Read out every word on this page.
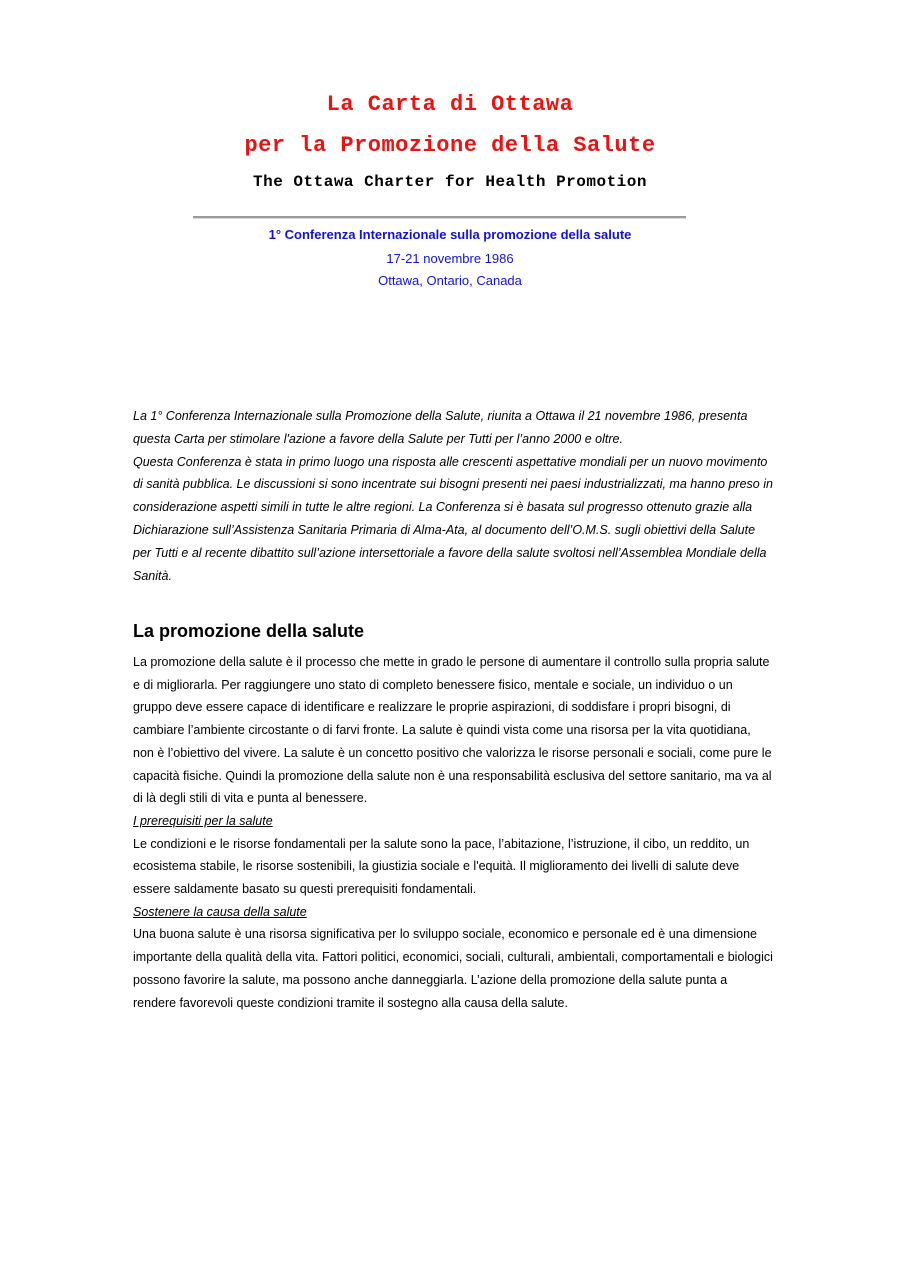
La Carta di Ottawa
per la Promozione della Salute
The Ottawa Charter for Health Promotion
1° Conferenza Internazionale sulla promozione della salute
17-21 novembre 1986
Ottawa, Ontario, Canada

La 1° Conferenza Internazionale sulla Promozione della Salute, riunita a Ottawa il 21 novembre 1986, presenta questa Carta per stimolare l'azione a favore della Salute per Tutti per l’anno 2000 e oltre.

Questa Conferenza è stata in primo luogo una risposta alle crescenti aspettative mondiali per un nuovo movimento di sanità pubblica. Le discussioni si sono incentrate sui bisogni presenti nei paesi industrializzati, ma hanno preso in considerazione aspetti simili in tutte le altre regioni. La Conferenza si è basata sul progresso ottenuto grazie alla Dichiarazione sull’Assistenza Sanitaria Primaria di Alma-Ata, al documento dell’O.M.S. sugli obiettivi della Salute per Tutti e al recente dibattito sull’azione intersettoriale a favore della salute svoltosi nell’Assemblea Mondiale della Sanità.

La promozione della salute

La promozione della salute è il processo che mette in grado le persone di aumentare il controllo sulla propria salute e di migliorarla. Per raggiungere uno stato di completo benessere fisico, mentale e sociale, un individuo o un gruppo deve essere capace di identificare e realizzare le proprie aspirazioni, di soddisfare i propri bisogni, di cambiare l’ambiente circostante o di farvi fronte. La salute è quindi vista come una risorsa per la vita quotidiana, non è l’obiettivo del vivere. La salute è un concetto positivo che valorizza le risorse personali e sociali, come pure le capacità fisiche. Quindi la promozione della salute non è una responsabilità esclusiva del settore sanitario, ma va al di là degli stili di vita e punta al benessere.

I prerequisiti per la salute

Le condizioni e le risorse fondamentali per la salute sono la pace, l’abitazione, l’istruzione, il cibo, un reddito, un ecosistema stabile, le risorse sostenibili, la giustizia sociale e l'equità. Il miglioramento dei livelli di salute deve essere saldamente basato su questi prerequisiti fondamentali.

Sostenere la causa della salute

Una buona salute è una risorsa significativa per lo sviluppo sociale, economico e personale ed è una dimensione importante della qualità della vita. Fattori politici, economici, sociali, culturali, ambientali, comportamentali e biologici possono favorire la salute, ma possono anche danneggiarla. L’azione della promozione della salute punta a rendere favorevoli queste condizioni tramite il sostegno alla causa della salute.
